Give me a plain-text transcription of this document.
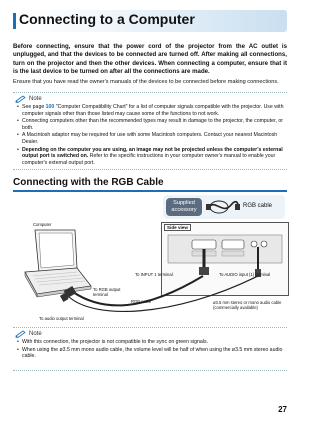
Connecting to a Computer
Before connecting, ensure that the power cord of the projector from the AC outlet is unplugged, and that the devices to be connected are turned off. After making all connections, turn on the projector and then the other devices. When connecting a computer, ensure that it is the last device to be turned on after all the connections are made.
Ensure that you have read the owner's manuals of the devices to be connected before making connections.
Note
• See page 100 "Computer Compatibility Chart" for a list of computer signals compatible with the projector. Use with computer signals other than those listed may cause some of the functions to not work.
• Connecting computers other than the recommended types may result in damage to the projector, the computer, or both.
• A Macintosh adaptor may be required for use with some Macintosh computers. Contact your nearest Macintosh Dealer.
• Depending on the computer you are using, an image may not be projected unless the computer's external output port is switched on. Refer to the specific instructions in your computer owner's manual to enable your computer's external output port.
Connecting with the RGB Cable
Supplied
accessory
RGB cable
Computer
Side view
To INPUT 1 terminal	To AUDIO input (1) terminal
To RGB output
terminal
RGB cable	ø3.5 mm stereo or mono audio cable
(commercially available)
To audio output terminal
Note
• With this connection, the projector is not compatible to the sync on green signals.
• When using the ø3.5 mm mono audio cable, the volume level will be half of when using the ø3.5 mm stereo audio cable.
27
